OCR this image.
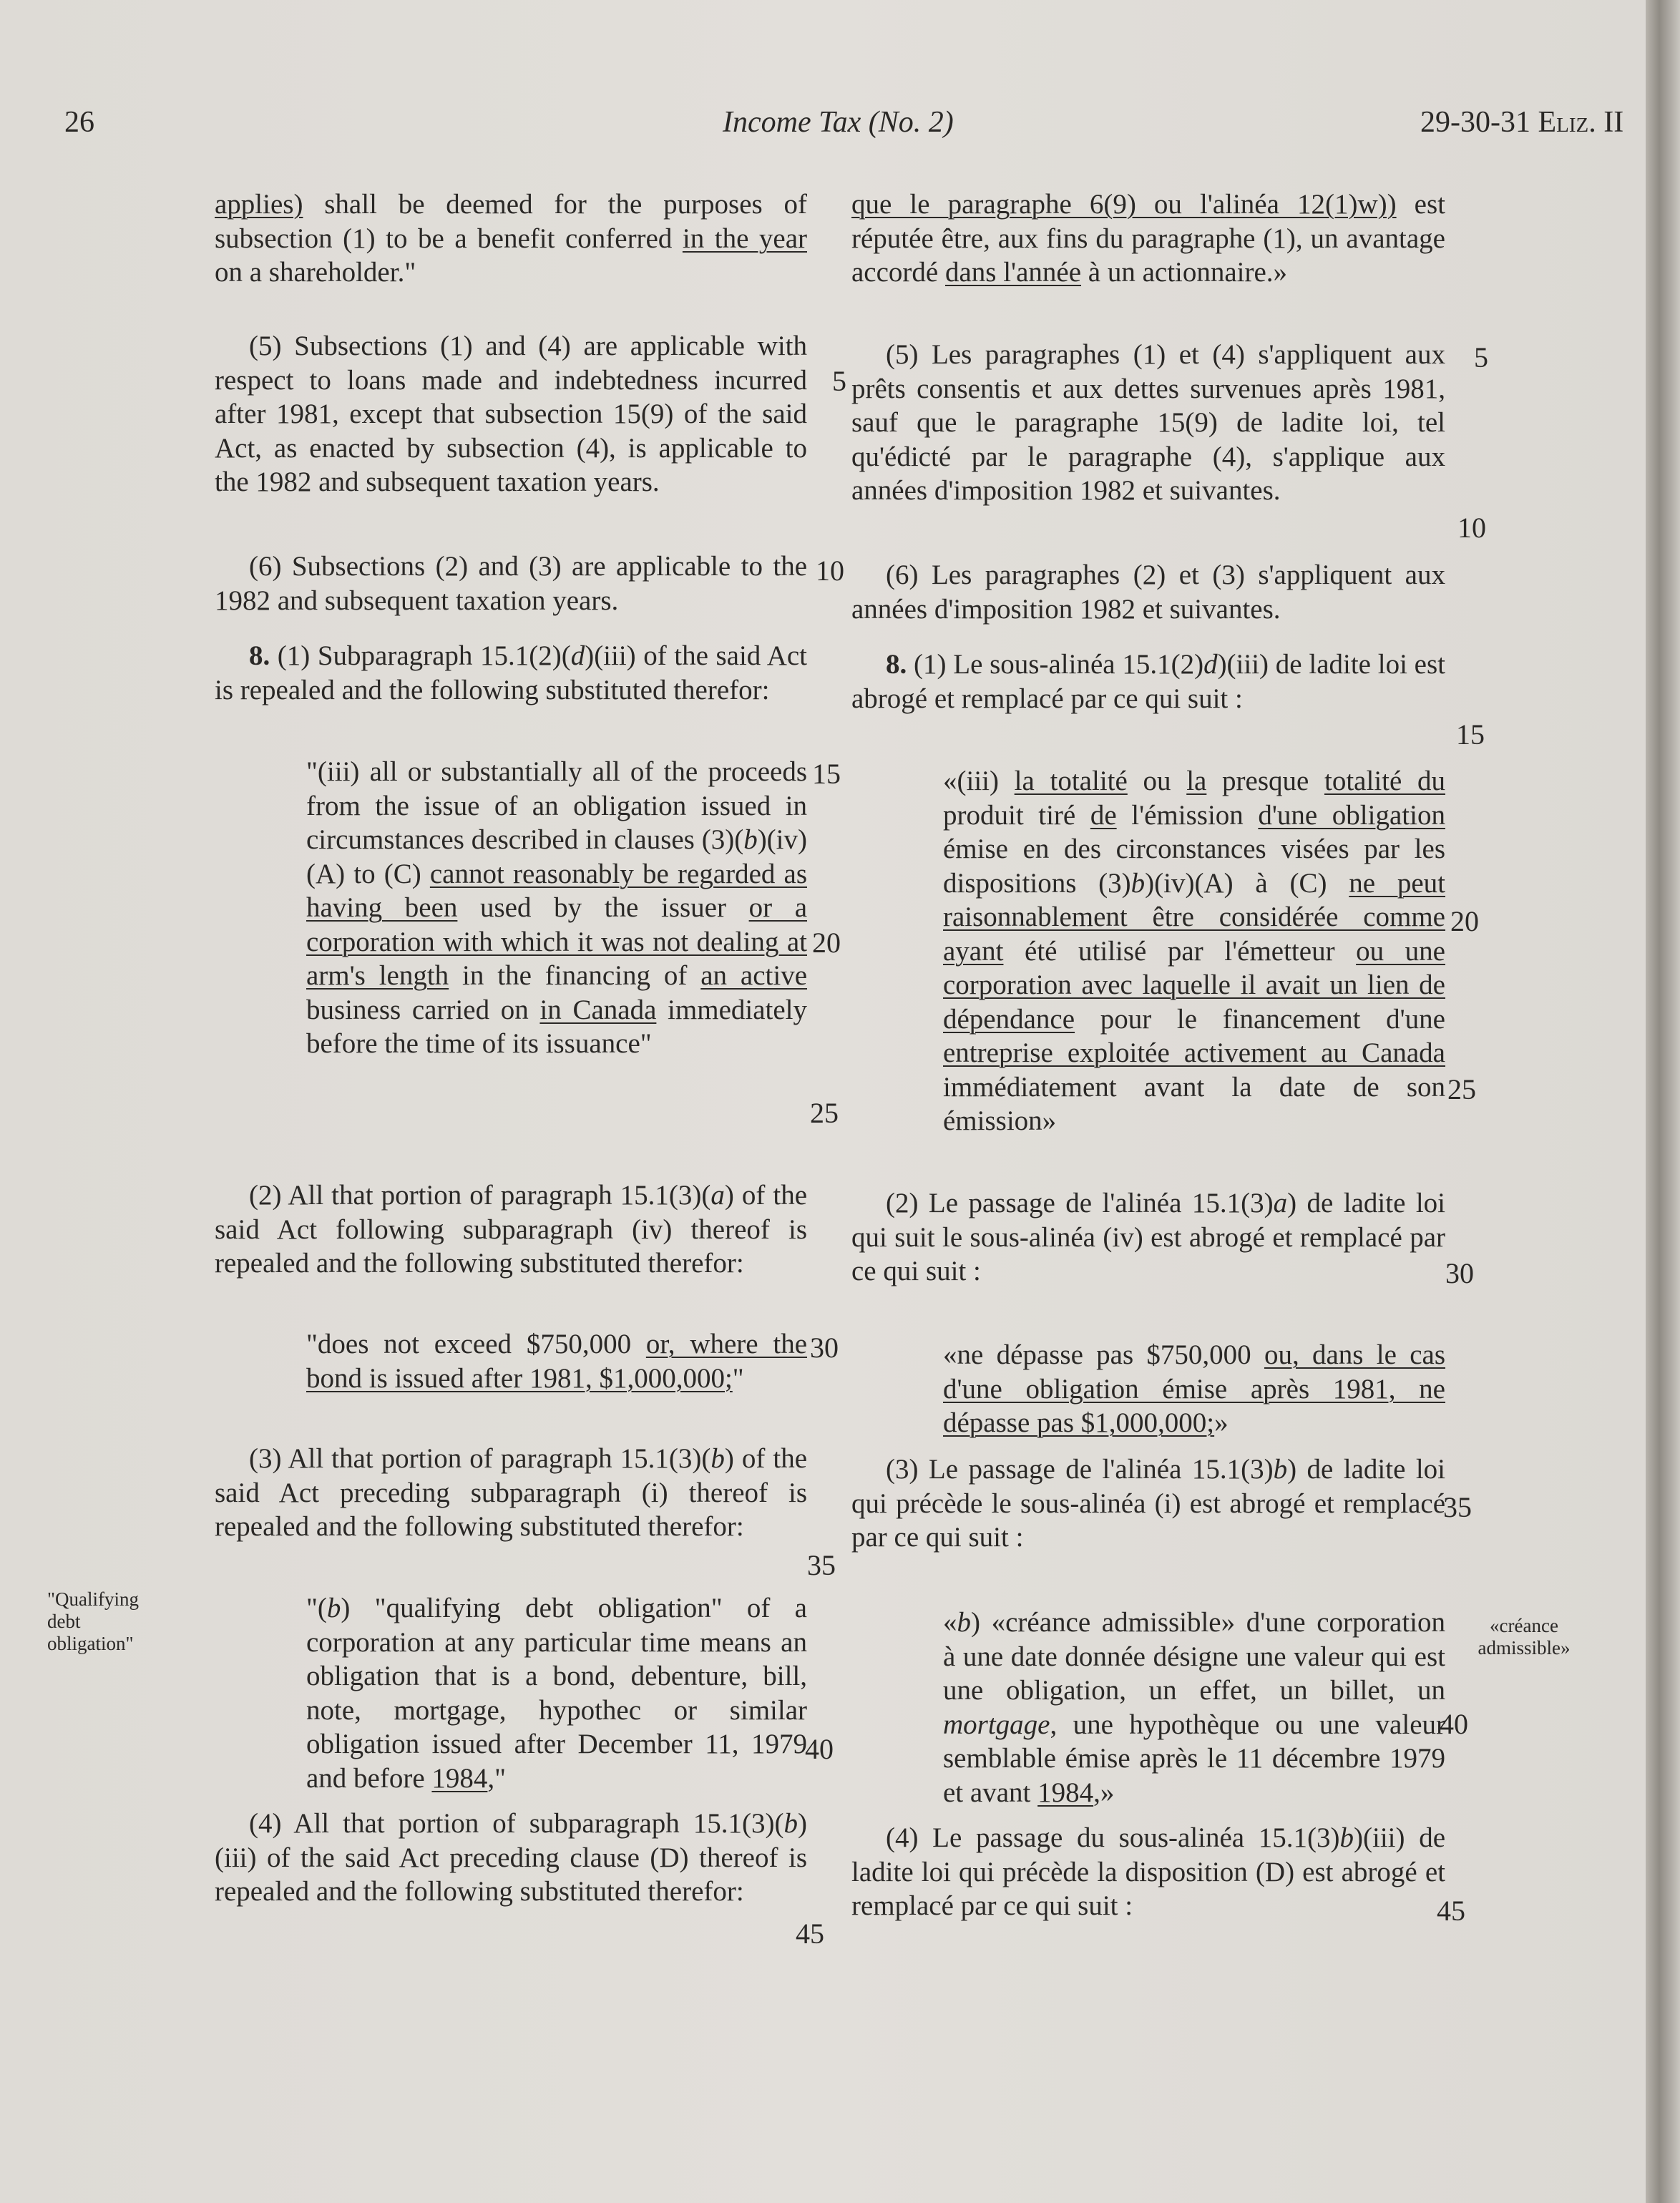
26	Income Tax (No. 2)	29-30-31 Eliz. II

applies) shall be deemed for the purposes of subsection (1) to be a benefit conferred in the year on a shareholder."

(5) Subsections (1) and (4) are applicable with respect to loans made and indebtedness incurred after 1981, except that subsection 15(9) of the said Act, as enacted by subsection (4), is applicable to the 1982 and subsequent taxation years.

(6) Subsections (2) and (3) are applicable to the 1982 and subsequent taxation years.

8. (1) Subparagraph 15.1(2)(d)(iii) of the said Act is repealed and the following substituted therefor:

"(iii) all or substantially all of the proceeds from the issue of an obligation issued in circumstances described in clauses (3)(b)(iv)(A) to (C) cannot reasonably be regarded as having been used by the issuer or a corporation with which it was not dealing at arm's length in the financing of an active business carried on in Canada immediately before the time of its issuance"

(2) All that portion of paragraph 15.1(3)(a) of the said Act following subparagraph (iv) thereof is repealed and the following substituted therefor:

"does not exceed $750,000 or, where the bond is issued after 1981, $1,000,000;"

(3) All that portion of paragraph 15.1(3)(b) of the said Act preceding subparagraph (i) thereof is repealed and the following substituted therefor:

"(b) "qualifying debt obligation" of a corporation at any particular time means an obligation that is a bond, debenture, bill, note, mortgage, hypothec or similar obligation issued after December 11, 1979 and before 1984,"

(4) All that portion of subparagraph 15.1(3)(b)(iii) of the said Act preceding clause (D) thereof is repealed and the following substituted therefor:

que le paragraphe 6(9) ou l'alinéa 12(1)w)) est réputée être, aux fins du paragraphe (1), un avantage accordé dans l'année à un actionnaire.»

(5) Les paragraphes (1) et (4) s'appliquent aux prêts consentis et aux dettes survenues après 1981, sauf que le paragraphe 15(9) de ladite loi, tel qu'édicté par le paragraphe (4), s'applique aux années d'imposition 1982 et suivantes.

(6) Les paragraphes (2) et (3) s'appliquent aux années d'imposition 1982 et suivantes.

8. (1) Le sous-alinéa 15.1(2)d)(iii) de ladite loi est abrogé et remplacé par ce qui suit :

«(iii) la totalité ou la presque totalité du produit tiré de l'émission d'une obligation émise en des circonstances visées par les dispositions (3)b)(iv)(A) à (C) ne peut raisonnablement être considérée comme ayant été utilisé par l'émetteur ou une corporation avec laquelle il avait un lien de dépendance pour le financement d'une entreprise exploitée activement au Canada immédiatement avant la date de son émission»

(2) Le passage de l'alinéa 15.1(3)a) de ladite loi qui suit le sous-alinéa (iv) est abrogé et remplacé par ce qui suit :

«ne dépasse pas $750,000 ou, dans le cas d'une obligation émise après 1981, ne dépasse pas $1,000,000;»

(3) Le passage de l'alinéa 15.1(3)b) de ladite loi qui précède le sous-alinéa (i) est abrogé et remplacé par ce qui suit :

«b) «créance admissible» d'une corporation à une date donnée désigne une valeur qui est une obligation, un effet, un billet, un mortgage, une hypothèque ou une valeur semblable émise après le 11 décembre 1979 et avant 1984,»

(4) Le passage du sous-alinéa 15.1(3)b)(iii) de ladite loi qui précède la disposition (D) est abrogé et remplacé par ce qui suit :

5
10
15
20
25
30
35
40
45
5
10
15
20
25
30
35
40
45
"Qualifying debt obligation"
«créance admissible»
